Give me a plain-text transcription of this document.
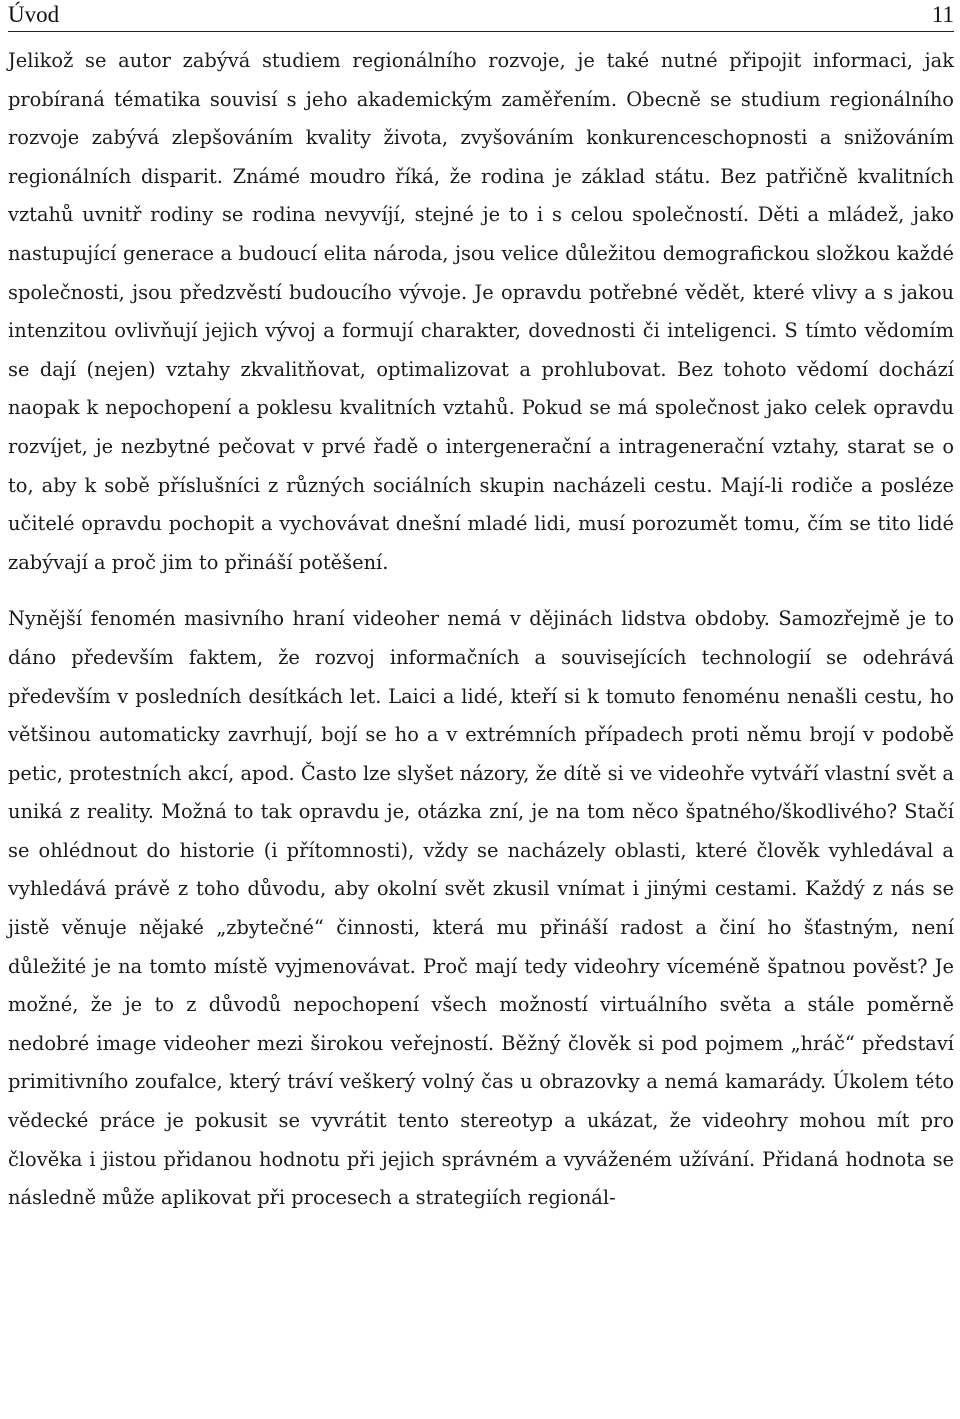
Úvod	11

Jelikož se autor zabývá studiem regionálního rozvoje, je také nutné připojit informaci, jak probíraná tématika souvisí s jeho akademickým zaměřením. Obecně se studium regionálního rozvoje zabývá zlepšováním kvality života, zvyšováním konkurenceschopnosti a snižováním regionálních disparit. Známé moudro říká, že rodina je základ státu. Bez patřičně kvalitních vztahů uvnitř rodiny se rodina nevyvíjí, stejné je to i s celou společností. Děti a mládež, jako nastupující generace a budoucí elita národa, jsou velice důležitou demografickou složkou každé společnosti, jsou předzvěstí budoucího vývoje. Je opravdu potřebné vědět, které vlivy a s jakou intenzitou ovlivňují jejich vývoj a formují charakter, dovednosti či inteligenci. S tímto vědomím se dají (nejen) vztahy zkvalitňovat, optimalizovat a prohlubovat. Bez tohoto vědomí dochází naopak k nepochopení a poklesu kvalitních vztahů. Pokud se má společnost jako celek opravdu rozvíjet, je nezbytné pečovat v prvé řadě o intergenerační a intragenerační vztahy, starat se o to, aby k sobě příslušníci z různých sociálních skupin nacházeli cestu. Mají-li rodiče a posléze učitelé opravdu pochopit a vychovávat dnešní mladé lidi, musí porozumět tomu, čím se tito lidé zabývají a proč jim to přináší potěšení.

Nynější fenomén masivního hraní videoher nemá v dějinách lidstva obdoby. Samozřejmě je to dáno především faktem, že rozvoj informačních a souvisejících technologií se odehrává především v posledních desítkách let. Laici a lidé, kteří si k tomuto fenoménu nenašli cestu, ho většinou automaticky zavrhují, bojí se ho a v extrémních případech proti němu brojí v podobě petic, protestních akcí, apod. Často lze slyšet názory, že dítě si ve videohře vytváří vlastní svět a uniká z reality. Možná to tak opravdu je, otázka zní, je na tom něco špatného/škodlivého? Stačí se ohlédnout do historie (i přítomnosti), vždy se nacházely oblasti, které člověk vyhledával a vyhledává právě z toho důvodu, aby okolní svět zkusil vnímat i jinými cestami. Každý z nás se jistě věnuje nějaké „zbytečné“ činnosti, která mu přináší radost a činí ho šťastným, není důležité je na tomto místě vyjmenovávat. Proč mají tedy videohry víceméně špatnou pověst? Je možné, že je to z důvodů nepochopení všech možností virtuálního světa a stále poměrně nedobré image videoher mezi širokou veřejností. Běžný člověk si pod pojmem „hráč“ představí primitivního zoufalce, který tráví veškerý volný čas u obrazovky a nemá kamarády. Úkolem této vědecké práce je pokusit se vyvrátit tento stereotyp a ukázat, že videohry mohou mít pro člověka i jistou přidanou hodnotu při jejich správném a vyváženém užívání. Přidaná hodnota se následně může aplikovat při procesech a strategiích regionál-
